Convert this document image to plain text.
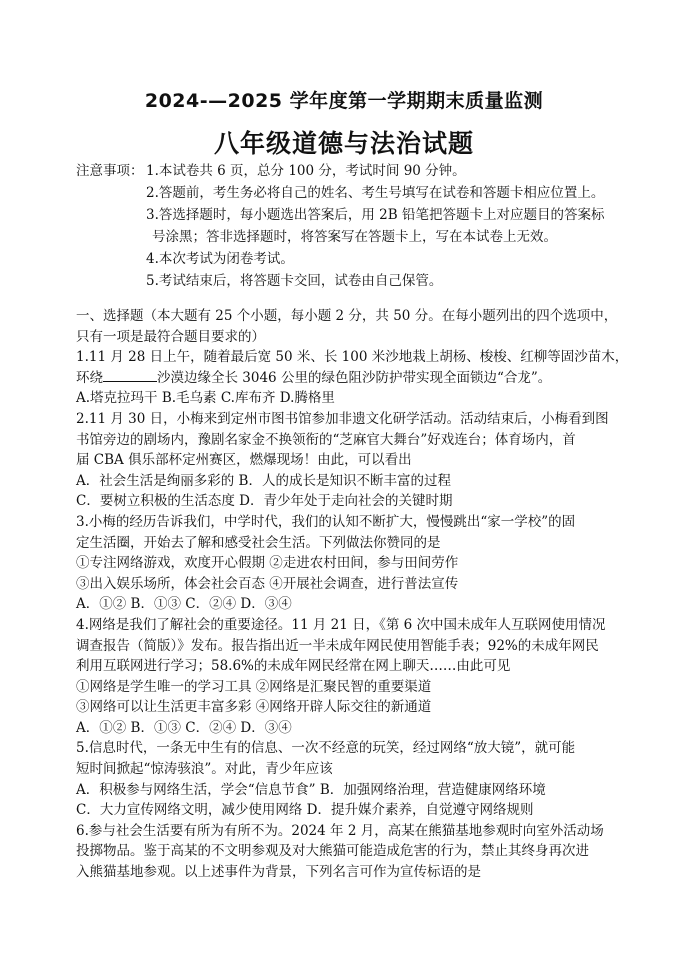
2024-—2025 学年度第一学期期末质量监测
八年级道德与法治试题
注意事项： 1.本试卷共 6 页，总分 100 分，考试时间 90 分钟。
2.答题前，考生务必将自己的姓名、考生号填写在试卷和答题卡相应位置上。
3.答选择题时，每小题选出答案后，用 2B 铅笔把答题卡上对应题目的答案标
号涂黑；答非选择题时，将答案写在答题卡上，写在本试卷上无效。
4.本次考试为闭卷考试。
5.考试结束后，将答题卡交回，试卷由自己保管。
一、选择题（本大题有 25 个小题，每小题 2 分，共 50 分。在每小题列出的四个选项中，
只有一项是最符合题目要求的）
1.11 月 28 日上午，随着最后宽 50 米、长 100 米沙地栽上胡杨、梭梭、红柳等固沙苗木，
环绕	沙漠边缘全长 3046 公里的绿色阻沙防护带实现全面锁边“合龙”。
A.塔克拉玛干 B.毛乌素 C.库布齐 D.腾格里
2.11 月 30 日，小梅来到定州市图书馆参加非遗文化研学活动。活动结束后，小梅看到图
书馆旁边的剧场内，豫剧名家金不换领衔的“芝麻官大舞台”好戏连台；体育场内，首
届 CBA 俱乐部杯定州赛区，燃爆现场！由此，可以看出
A．社会生活是绚丽多彩的 B．人的成长是知识不断丰富的过程
C．要树立积极的生活态度 D．青少年处于走向社会的关键时期
3.小梅的经历告诉我们，中学时代，我们的认知不断扩大，慢慢跳出“家一学校”的固
定生活圈，开始去了解和感受社会生活。下列做法你赞同的是
①专注网络游戏，欢度开心假期 ②走进农村田间，参与田间劳作
③出入娱乐场所，体会社会百态 ④开展社会调查，进行普法宣传
A．①② B．①③ C．②④ D．③④
4.网络是我们了解社会的重要途径。11 月 21 日，《第 6 次中国未成年人互联网使用情况
调查报告（简版）》发布。报告指出近一半未成年网民使用智能手表；92%的未成年网民
利用互联网进行学习；58.6%的未成年网民经常在网上聊天……由此可见
①网络是学生唯一的学习工具 ②网络是汇聚民智的重要渠道
③网络可以让生活更丰富多彩 ④网络开辟人际交往的新通道
A．①② B．①③ C．②④ D．③④
5.信息时代，一条无中生有的信息、一次不经意的玩笑，经过网络“放大镜”，就可能
短时间掀起“惊涛骇浪”。对此，青少年应该
A．积极参与网络生活，学会“信息节食” B．加强网络治理，营造健康网络环境
C．大力宣传网络文明，减少使用网络 D．提升媒介素养，自觉遵守网络规则
6.参与社会生活要有所为有所不为。2024 年 2 月，高某在熊猫基地参观时向室外活动场
投掷物品。鉴于高某的不文明参观及对大熊猫可能造成危害的行为，禁止其终身再次进
入熊猫基地参观。以上述事件为背景，下列名言可作为宣传标语的是
